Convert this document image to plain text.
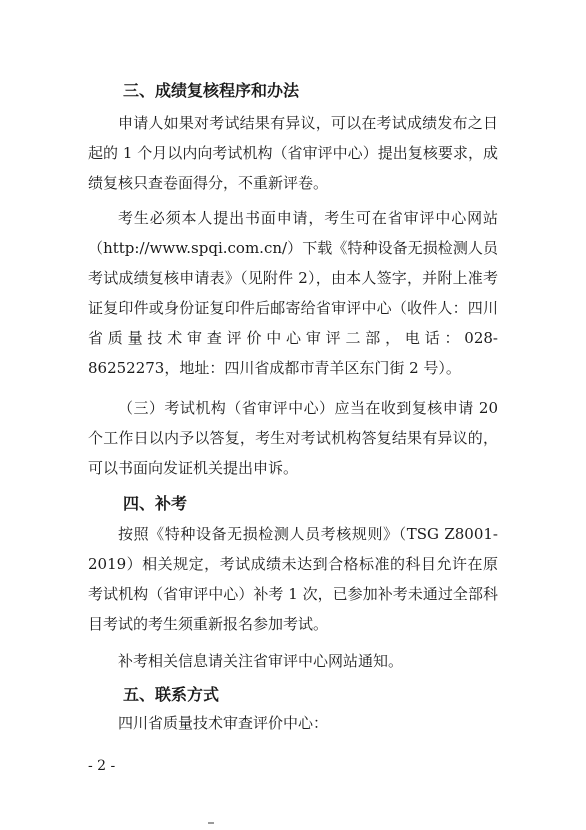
三、成绩复核程序和办法

申请人如果对考试结果有异议，可以在考试成绩发布之日起的 1 个月以内向考试机构（省审评中心）提出复核要求，成绩复核只查卷面得分，不重新评卷。

考生必须本人提出书面申请，考生可在省审评中心网站（http://www.spqi.com.cn/）下载《特种设备无损检测人员考试成绩复核申请表》（见附件 2），由本人签字，并附上准考证复印件或身份证复印件后邮寄给省审评中心（收件人：四川省质量技术审查评价中心审评二部，电话：028-86252273，地址：四川省成都市青羊区东门街 2 号）。

（三）考试机构（省审评中心）应当在收到复核申请 20 个工作日以内予以答复，考生对考试机构答复结果有异议的，可以书面向发证机关提出申诉。

四、补考

按照《特种设备无损检测人员考核规则》（TSG Z8001-2019）相关规定，考试成绩未达到合格标准的科目允许在原考试机构（省审评中心）补考 1 次，已参加补考未通过全部科目考试的考生须重新报名参加考试。

补考相关信息请关注省审评中心网站通知。

五、联系方式

四川省质量技术审查评价中心：

- 2 -
